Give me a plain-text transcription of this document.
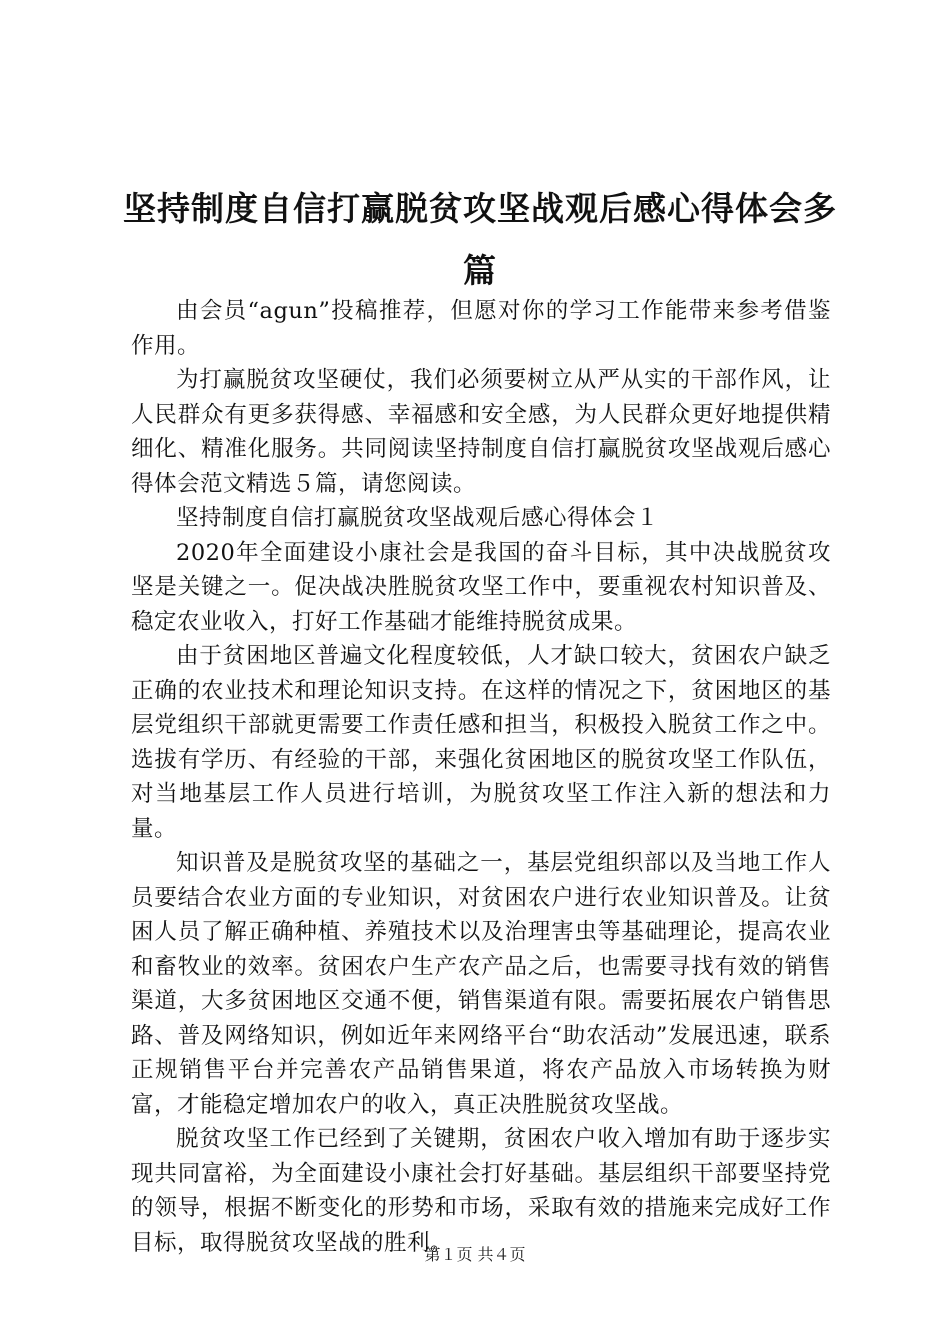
坚持制度自信打赢脱贫攻坚战观后感心得体会多篇

由会员“agun”投稿推荐，但愿对你的学习工作能带来参考借鉴作用。

为打赢脱贫攻坚硬仗，我们必须要树立从严从实的干部作风，让人民群众有更多获得感、幸福感和安全感，为人民群众更好地提供精细化、精准化服务。共同阅读坚持制度自信打赢脱贫攻坚战观后感心得体会范文精选５篇，请您阅读。

坚持制度自信打赢脱贫攻坚战观后感心得体会１

2020年全面建设小康社会是我国的奋斗目标，其中决战脱贫攻坚是关键之一。促决战决胜脱贫攻坚工作中，要重视农村知识普及、稳定农业收入，打好工作基础才能维持脱贫成果。

由于贫困地区普遍文化程度较低，人才缺口较大，贫困农户缺乏正确的农业技术和理论知识支持。在这样的情况之下，贫困地区的基层党组织干部就更需要工作责任感和担当，积极投入脱贫工作之中。选拔有学历、有经验的干部，来强化贫困地区的脱贫攻坚工作队伍，对当地基层工作人员进行培训，为脱贫攻坚工作注入新的想法和力量。

知识普及是脱贫攻坚的基础之一，基层党组织部以及当地工作人员要结合农业方面的专业知识，对贫困农户进行农业知识普及。让贫困人员了解正确种植、养殖技术以及治理害虫等基础理论，提高农业和畜牧业的效率。贫困农户生产农产品之后，也需要寻找有效的销售渠道，大多贫困地区交通不便，销售渠道有限。需要拓展农户销售思路、普及网络知识，例如近年来网络平台“助农活动”发展迅速，联系正规销售平台并完善农产品销售果道，将农产品放入市场转换为财富，才能稳定增加农户的收入，真正决胜脱贫攻坚战。

脱贫攻坚工作已经到了关键期，贫困农户收入增加有助于逐步实现共同富裕，为全面建设小康社会打好基础。基层组织干部要坚持党的领导，根据不断变化的形势和市场，采取有效的措施来完成好工作目标，取得脱贫攻坚战的胜利。

第１页 共４页
